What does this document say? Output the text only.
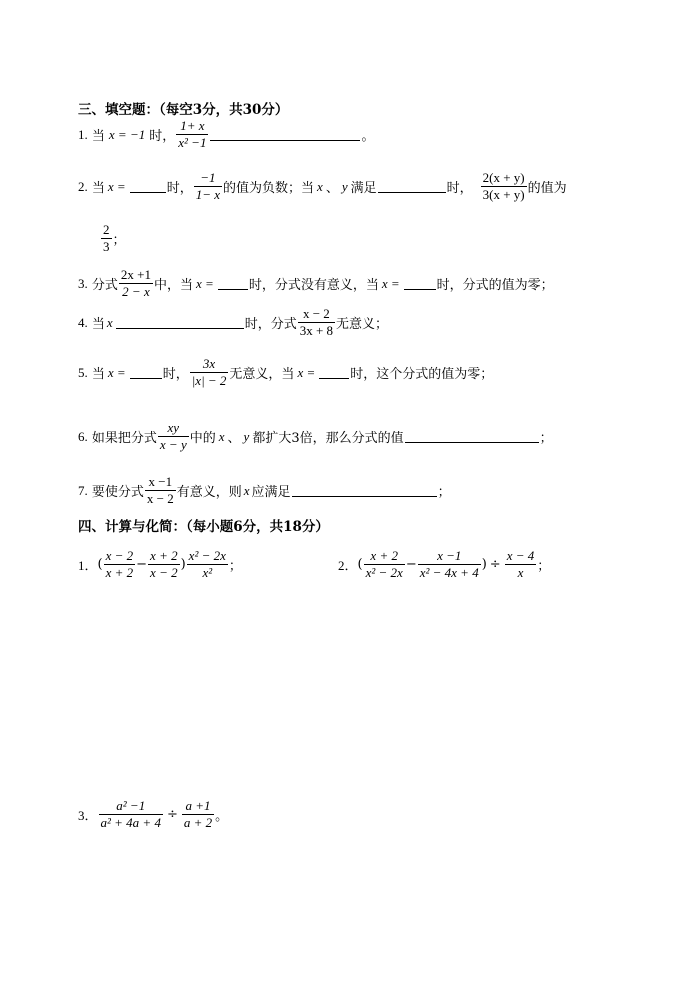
三、填空题：（每空3分，共30分）
1.
当 x = −1 时， $\frac{1+ x}{\text{x² −1}}$	。
2.
当 x =	时， $\frac{-1}{1- x}$ 的值为负数；当 x 、 y 满足	时， $\frac{2(x + y)}{3(x + y)}$ 的值为
$\frac{2}{3}$ ；
3.
分式 $\frac{2x +1}{2 - x}$ 中，当 x =	时，分式没有意义，当 x =	时，分式的值为零；
4.
当 x	时，分式 $\frac{x - 2}{3x + 8}$ 无意义；
5.
当 x =	时， $\frac{3x}{|x| - 2}$ 无意义，当 x =	时，这个分式的值为零；
6.
如果把分式 $\frac{xy}{x - y}$ 中的 x 、 y 都扩大3倍，那么分式的值	；
7.
要使分式 $\frac{x -1}{x - 2}$ 有意义，则 x 应满足	；
四、计算与化简：（每小题6分，共18分）
1． ( $\frac{x - 2}{x + 2} - \frac{x + 2}{x - 2}$ ) $\frac{\text{x² − 2x}}{\text{x²}}$ ；	2． ( $\frac{x + 2}{\text{x² − 2x}} - \frac{x -1}{\text{x² − 4x + 4}}$ ) ÷ $\frac{x - 4}{x}$ ；
3． $\frac{\text{a² −1}}{\text{a² + 4a + 4}} \div \frac{a +1}{a + 2}$ 。
